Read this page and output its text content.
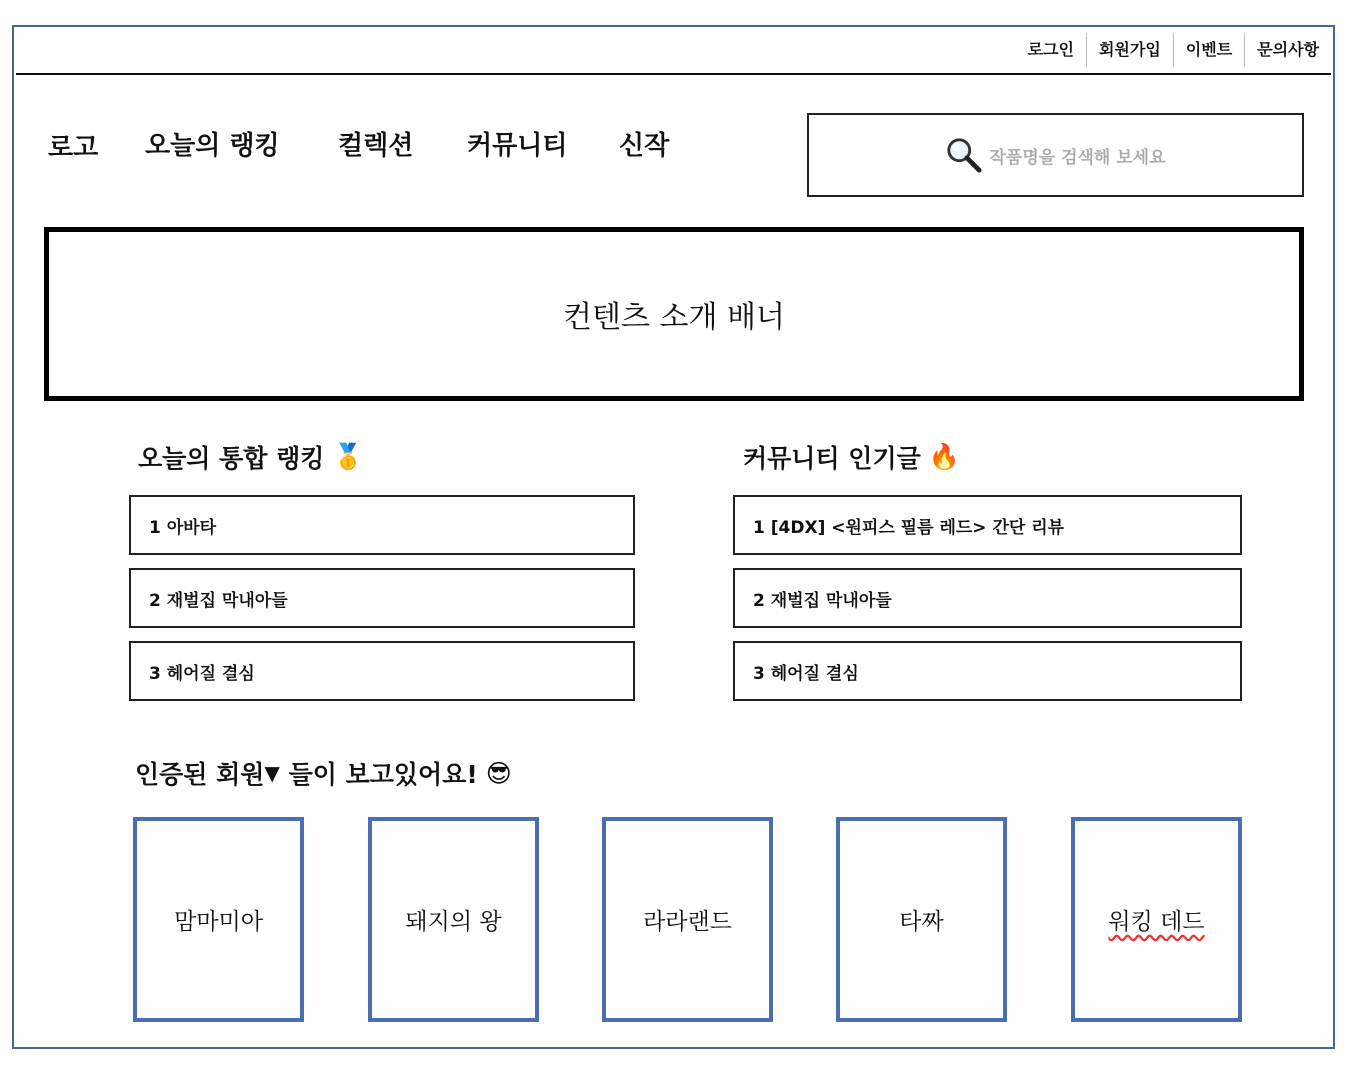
로그인	회원가입	이벤트	문의사항
로고 오늘의 랭킹 컬렉션 커뮤니티 신작	작품명을 검색해 보세요
컨텐츠 소개 배너
오늘의 통합 랭킹 🥇
1 아바타
2 재벌집 막내아들
3 헤어질 결심
커뮤니티 인기글 🔥
1 [4DX] <원피스 필름 레드> 간단 리뷰
2 재벌집 막내아들
3 헤어질 결심
인증된 회원 ▼ 들이 보고있어요! 😎
맘마미아	돼지의 왕	라라랜드	타짜	워킹 데드
